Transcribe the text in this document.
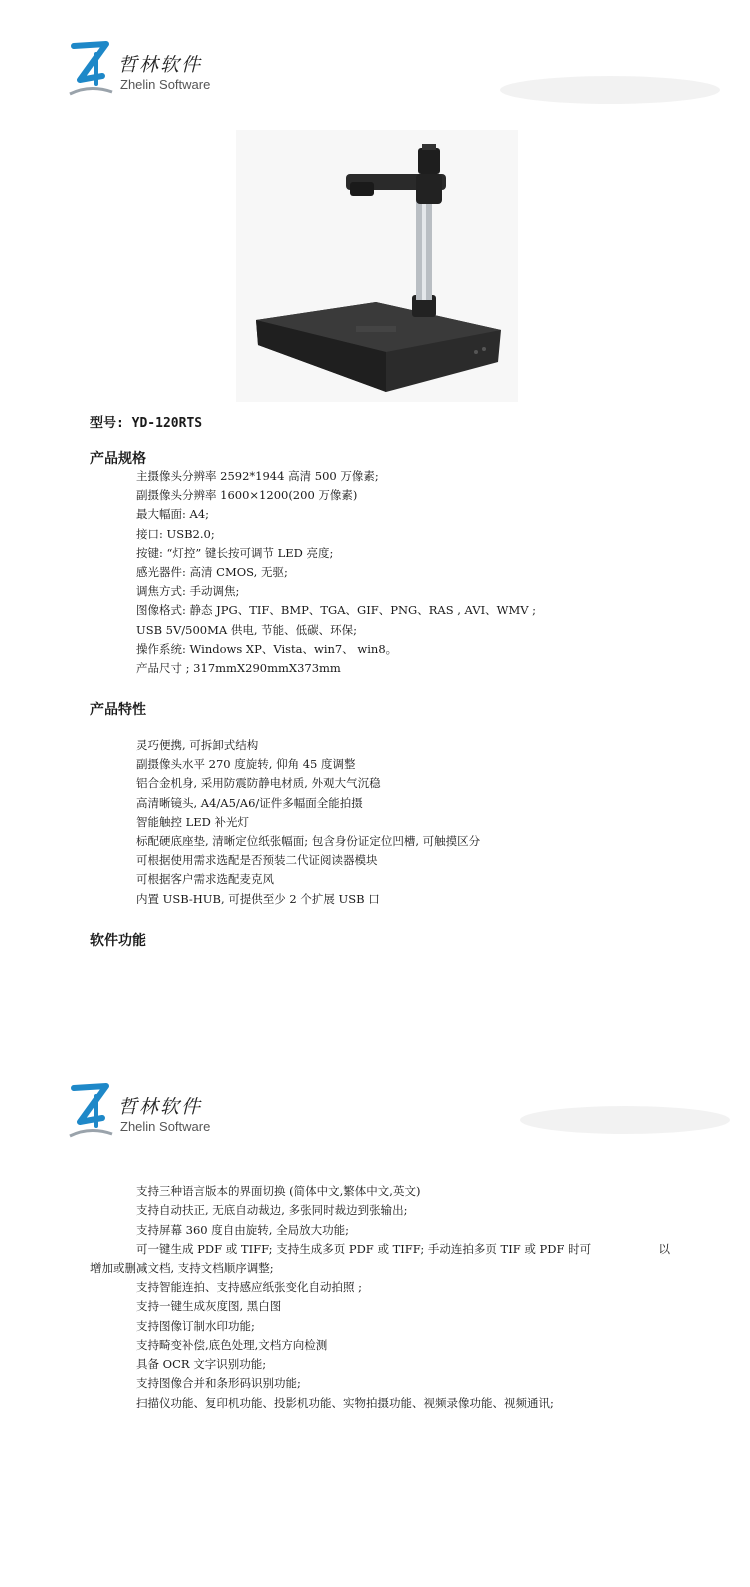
哲林软件
Zhelin Software
型号: YD-120RTS
产品规格
主摄像头分辨率 2592*1944 高清 500 万像素;
副摄像头分辨率 1600×1200(200 万像素)
最大幅面: A4;
接口: USB2.0;
按键: “灯控” 键长按可调节 LED 亮度;
感光器件: 高清 CMOS, 无驱;
调焦方式: 手动调焦;
图像格式: 静态 JPG、TIF、BMP、TGA、GIF、PNG、RAS , AVI、WMV ;
USB 5V/500MA 供电, 节能、低碳、环保;
操作系统: Windows XP、Vista、win7、 win8。
产品尺寸 ; 317mmX290mmX373mm
产品特性
灵巧便携, 可拆卸式结构
副摄像头水平 270 度旋转, 仰角 45 度调整
铝合金机身, 采用防震防静电材质, 外观大气沉稳
高清晰镜头, A4/A5/A6/证件多幅面全能拍摄
智能触控 LED 补光灯
标配硬底座垫, 清晰定位纸张幅面; 包含身份证定位凹槽, 可触摸区分
可根据使用需求选配是否预装二代证阅读器模块
可根据客户需求选配麦克风
内置 USB-HUB, 可提供至少 2 个扩展 USB 口
软件功能
哲林软件
Zhelin Software
支持三种语言版本的界面切换 (简体中文,繁体中文,英文)
支持自动扶正, 无底自动裁边, 多张同时裁边到张输出;
支持屏幕 360 度自由旋转, 全局放大功能;
可一键生成 PDF 或 TIFF; 支持生成多页 PDF 或 TIFF; 手动连拍多页 TIF 或 PDF 时可	以
增加或删减文档, 支持文档顺序调整;
支持智能连拍、支持感应纸张变化自动拍照 ;
支持一键生成灰度图, 黑白图
支持图像订制水印功能;
支持畸变补偿,底色处理,文档方向检测
具备 OCR 文字识别功能;
支持图像合并和条形码识别功能;
扫描仪功能、复印机功能、投影机功能、实物拍摄功能、视频录像功能、视频通讯;
